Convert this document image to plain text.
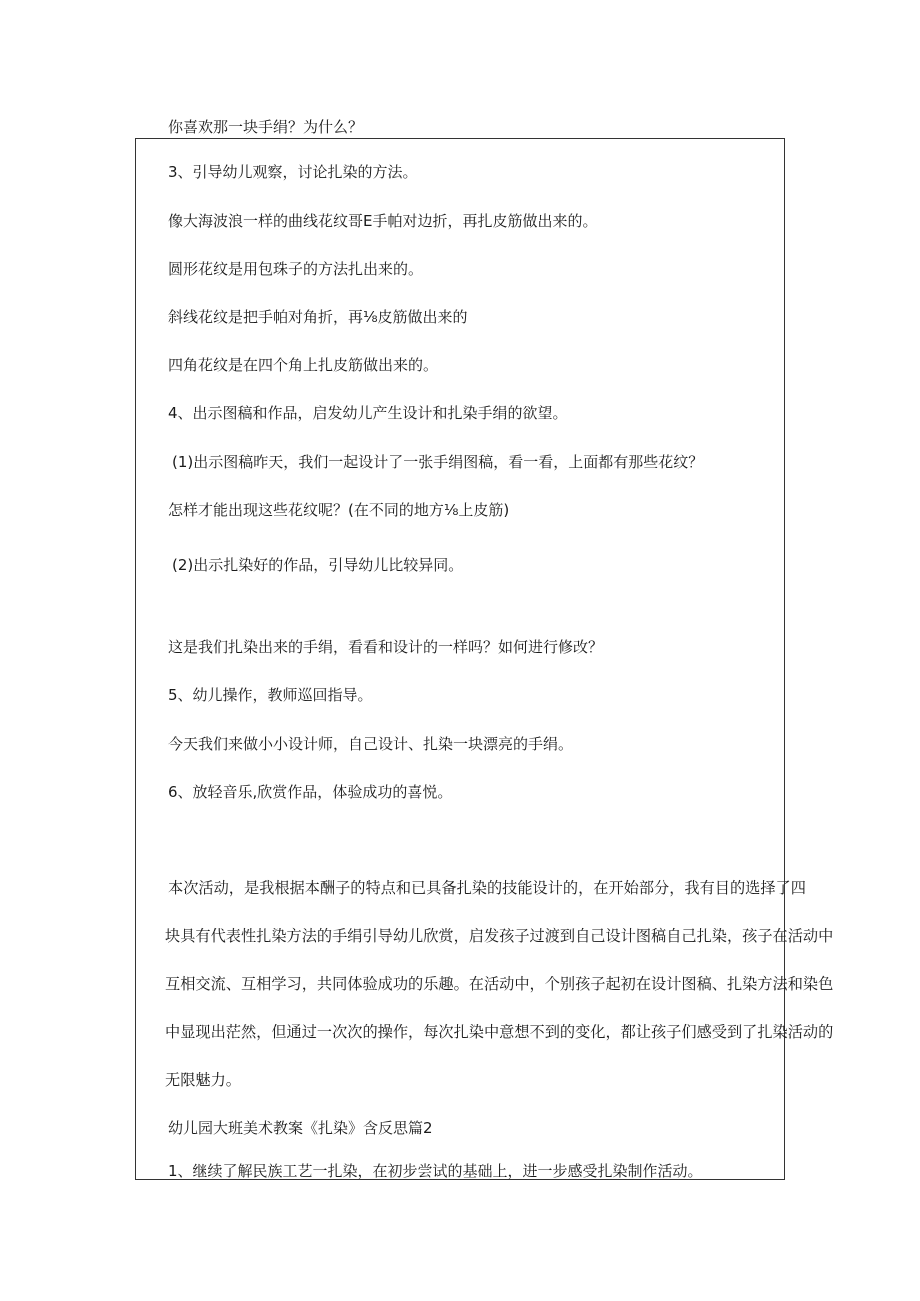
你喜欢那一块手绢？为什么？
3、引导幼儿观察，讨论扎染的方法。
像大海波浪一样的曲线花纹哥E手帕对边折，再扎皮筋做出来的。
圆形花纹是用包珠子的方法扎出来的。
斜线花纹是把手帕对角折，再⅛皮筋做出来的
四角花纹是在四个角上扎皮筋做出来的。
4、出示图稿和作品，启发幼儿产生设计和扎染手绢的欲望。
(1)出示图稿昨天，我们一起设计了一张手绢图稿，看一看，上面都有那些花纹？
怎样才能出现这些花纹呢？(在不同的地方⅛上皮筋)
(2)出示扎染好的作品，引导幼儿比较异同。
这是我们扎染出来的手绢，看看和设计的一样吗？如何进行修改？
5、幼儿操作，教师巡回指导。
今天我们来做小小设计师，自己设计、扎染一块漂亮的手绢。
6、放轻音乐,欣赏作品，体验成功的喜悦。
本次活动，是我根据本酬子的特点和已具备扎染的技能设计的，在开始部分，我有目的选择了四
块具有代表性扎染方法的手绢引导幼儿欣赏，启发孩子过渡到自己设计图稿自己扎染，孩子在活动中
互相交流、互相学习，共同体验成功的乐趣。在活动中，个别孩子起初在设计图稿、扎染方法和染色
中显现出茫然，但通过一次次的操作，每次扎染中意想不到的变化，都让孩子们感受到了扎染活动的
无限魅力。
幼儿园大班美术教案《扎染》含反思篇2
1、继续了解民族工艺一扎染，在初步尝试的基础上，进一步感受扎染制作活动。
